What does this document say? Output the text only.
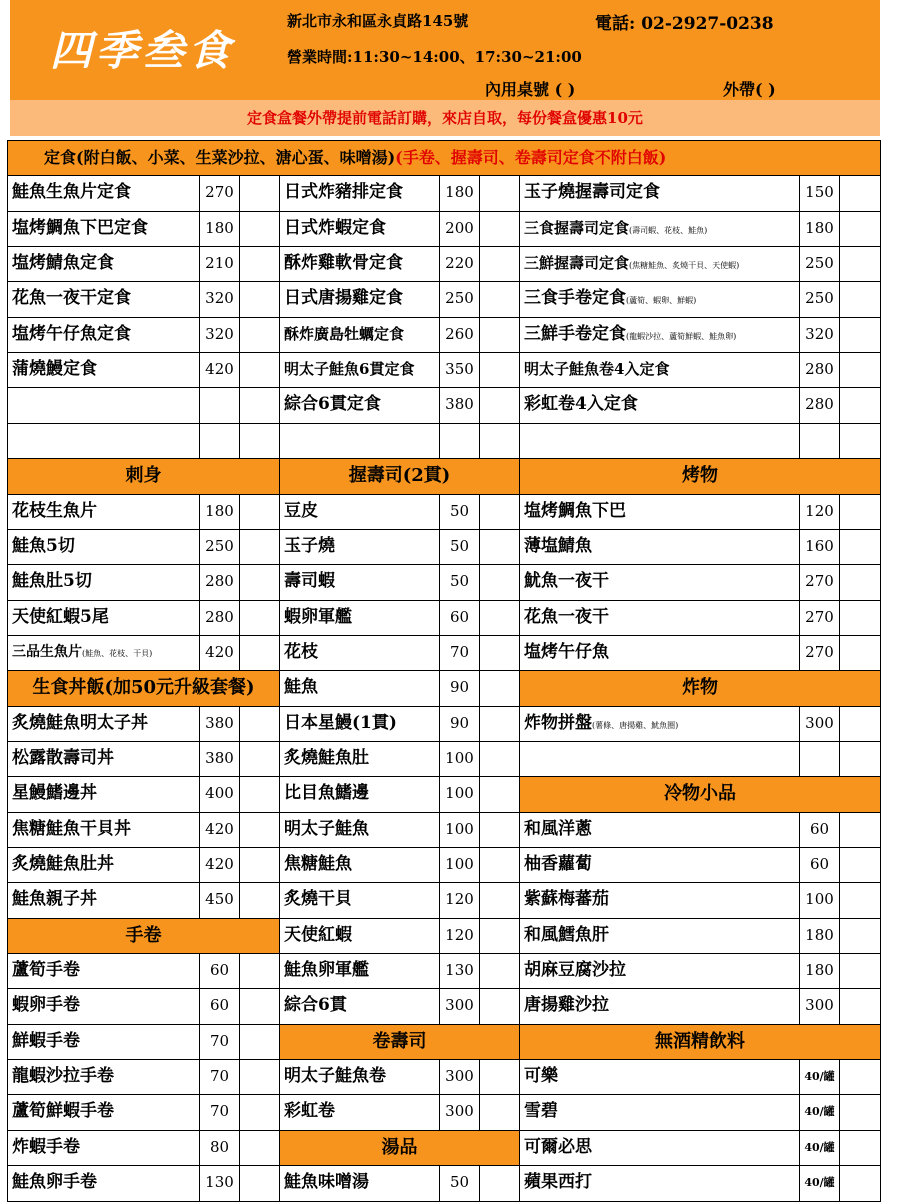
四季叁食
新北市永和區永貞路145號	電話: 02-2927-0238
營業時間:11:30~14:00、17:30~21:00
內用桌號 ( )	外帶( )
定食盒餐外帶提前電話訂購，來店自取，每份餐盒優惠10元
定食(附白飯、小菜、生菜沙拉、溏心蛋、味噌湯)(手卷、握壽司、卷壽司定食不附白飯)
鮭魚生魚片定食	270	日式炸豬排定食	180	玉子燒握壽司定食	150
塩烤鯛魚下巴定食	180	日式炸蝦定食	200	三食握壽司定食(壽司蝦、花枝、鮭魚)	180
塩烤鯖魚定食	210	酥炸雞軟骨定食	220	三鮮握壽司定食(焦糖鮭魚、炙燒干貝、天使蝦)	250
花魚一夜干定食	320	日式唐揚雞定食	250	三食手卷定食(蘆筍、蝦卵、鮮蝦)	250
塩烤午仔魚定食	320	酥炸廣島牡蠣定食	260	三鮮手卷定食(龍蝦沙拉、蘆筍鮮蝦、鮭魚卵)	320
蒲燒鰻定食	420	明太子鮭魚6貫定食	350	明太子鮭魚卷4入定食	280
綜合6貫定食	380	彩虹卷4入定食	280
刺身
花枝生魚片	180
鮭魚5切	250
鮭魚肚5切	280
天使紅蝦5尾	280
三品生魚片(鮭魚、花枝、干貝)	420
生食丼飯(加50元升級套餐)
炙燒鮭魚明太子丼	380
松露散壽司丼	380
星鰻鰭邊丼	400
焦糖鮭魚干貝丼	420
炙燒鮭魚肚丼	420
鮭魚親子丼	450
手卷
蘆筍手卷	60
蝦卵手卷	60
鮮蝦手卷	70
龍蝦沙拉手卷	70
蘆筍鮮蝦手卷	70
炸蝦手卷	80
鮭魚卵手卷	130
握壽司(2貫)
豆皮	50
玉子燒	50
壽司蝦	50
蝦卵軍艦	60
花枝	70
鮭魚	90
日本星鰻(1貫)	90
炙燒鮭魚肚	100
比目魚鰭邊	100
明太子鮭魚	100
焦糖鮭魚	100
炙燒干貝	120
天使紅蝦	120
鮭魚卵軍艦	130
綜合6貫	300
卷壽司
明太子鮭魚卷	300
彩虹卷	300
湯品
鮭魚味噌湯	50
烤物
塩烤鯛魚下巴	120
薄塩鯖魚	160
魷魚一夜干	270
花魚一夜干	270
塩烤午仔魚	270
炸物
炸物拼盤(薯條、唐揚雞、魷魚圈)	300
冷物小品
和風洋蔥	60
柚香蘿蔔	60
紫蘇梅蕃茄	100
和風鱈魚肝	180
胡麻豆腐沙拉	180
唐揚雞沙拉	300
無酒精飲料
可樂	40/罐
雪碧	40/罐
可爾必思	40/罐
蘋果西打	40/罐
